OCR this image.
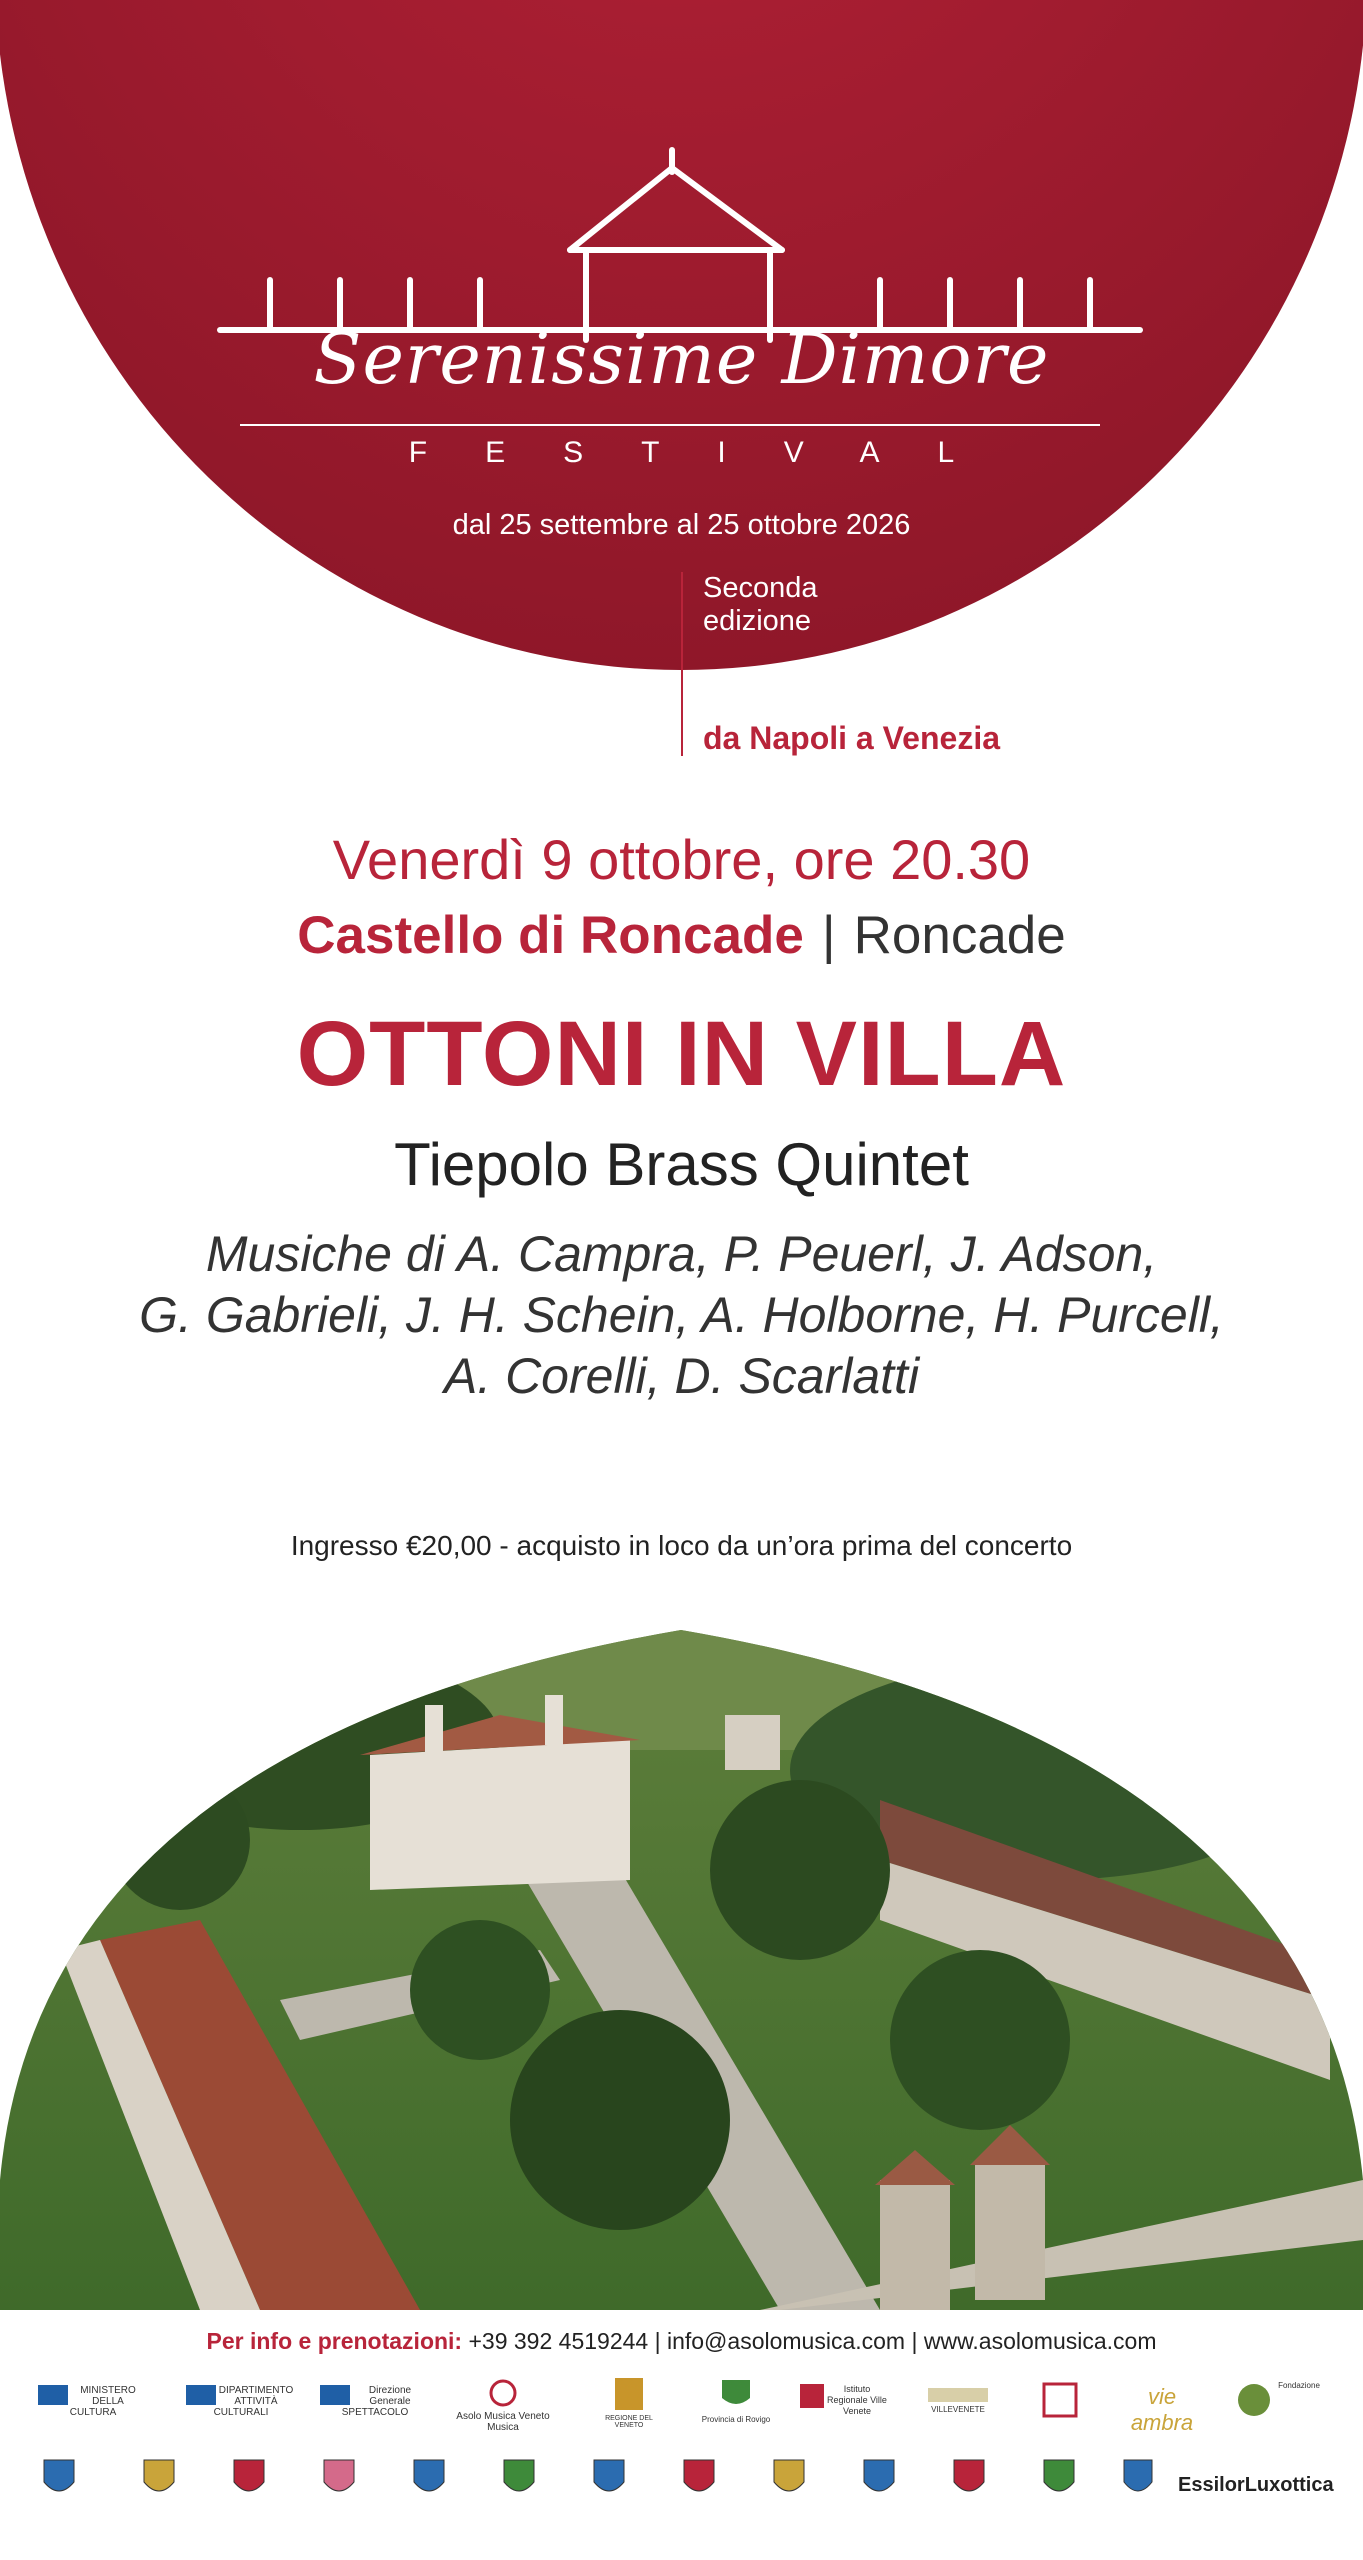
Serenissime Dimore
FESTIVAL
dal 25 settembre al 25 ottobre 2026
Seconda
edizione
da Napoli a Venezia
Venerdì 9 ottobre, ore 20.30
Castello di Roncade | Roncade
OTTONI IN VILLA
Tiepolo Brass Quintet
Musiche di A. Campra, P. Peuerl, J. Adson,
G. Gabrieli, J. H. Schein, A. Holborne, H. Purcell,
A. Corelli, D. Scarlatti
Ingresso €20,00 - acquisto in loco da un’ora prima del concerto
Per info e prenotazioni: +39 392 4519244 | info@asolomusica.com | www.asolomusica.com
MINISTERO DELLA CULTURA
DIPARTIMENTO ATTIVITÀ CULTURALI
Direzione Generale SPETTACOLO	Asolo Musica Veneto Musica
REGIONE DEL VENETO
Provincia di Rovigo
Istituto Regionale Ville Venete	VILLEVENETE
vie ambra
Fondazione
EssilorLuxottica
